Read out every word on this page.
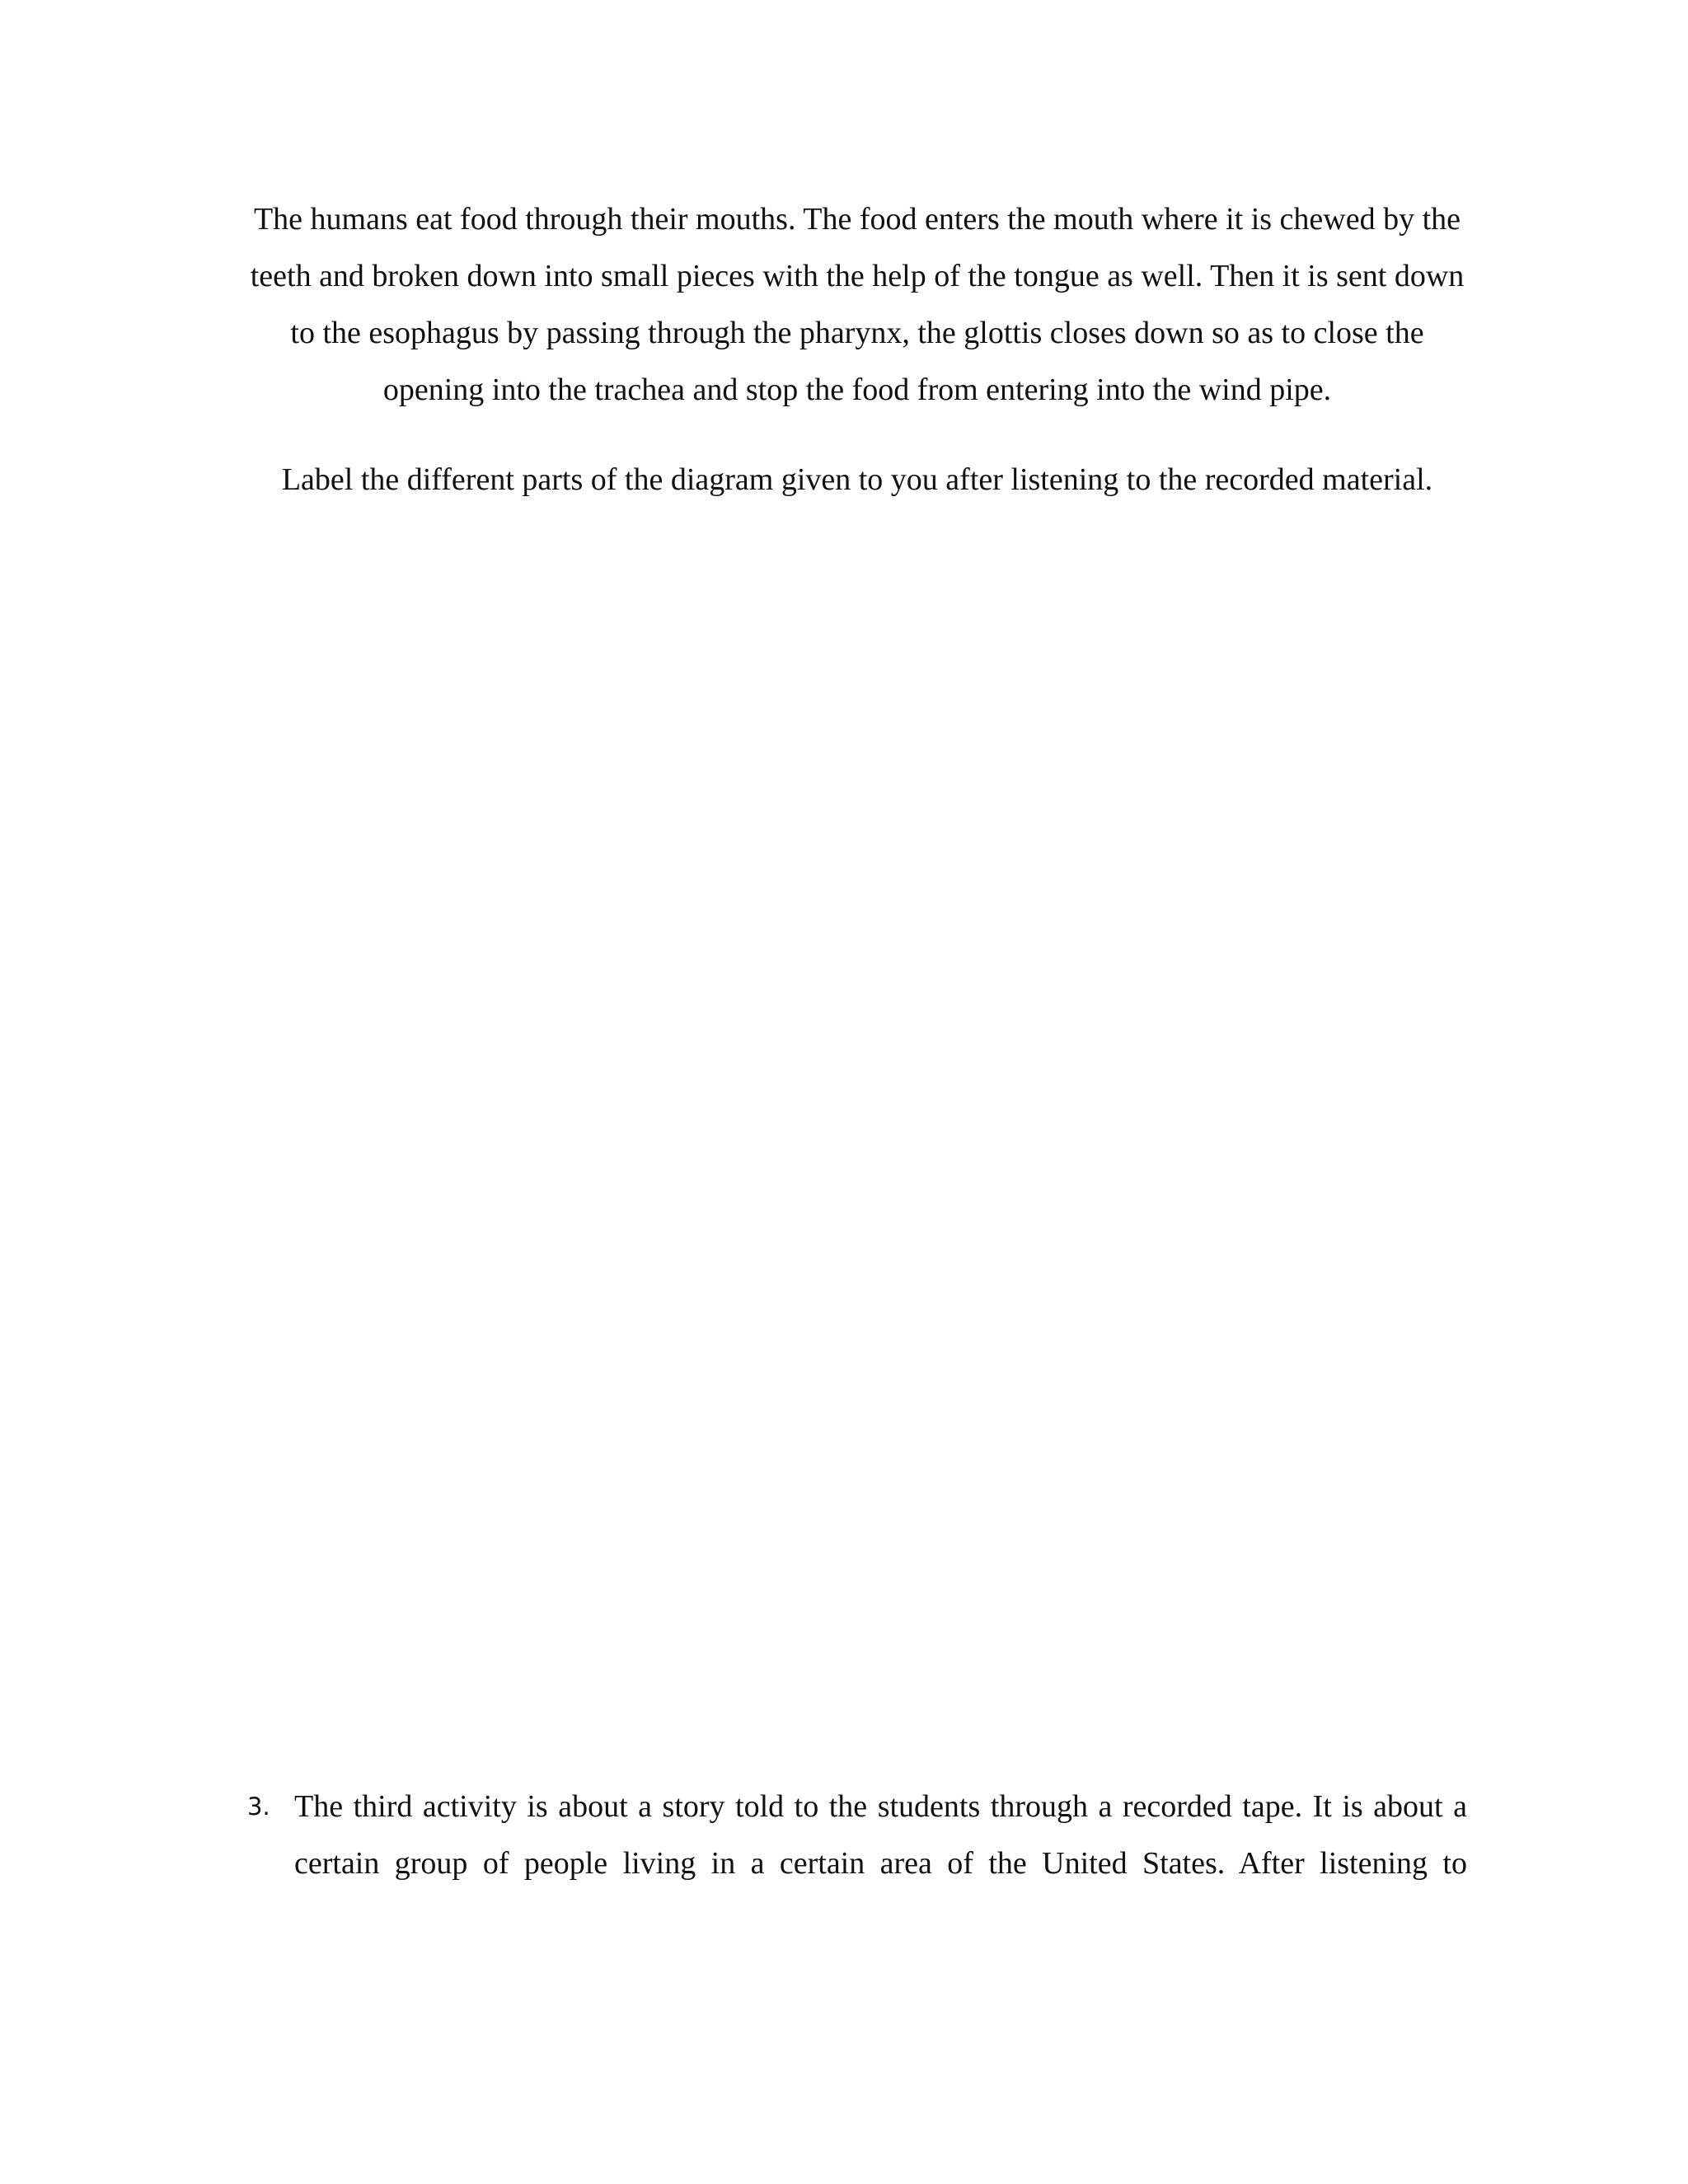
The humans eat food through their mouths. The food enters the mouth where it is chewed by the teeth and broken down into small pieces with the help of the tongue as well. Then it is sent down to the esophagus by passing through the pharynx, the glottis closes down so as to close the opening into the trachea and stop the food from entering into the wind pipe.

Label the different parts of the diagram given to you after listening to the recorded material.

3. The third activity is about a story told to the students through a recorded tape. It is about a certain group of people living in a certain area of the United States. After listening to
